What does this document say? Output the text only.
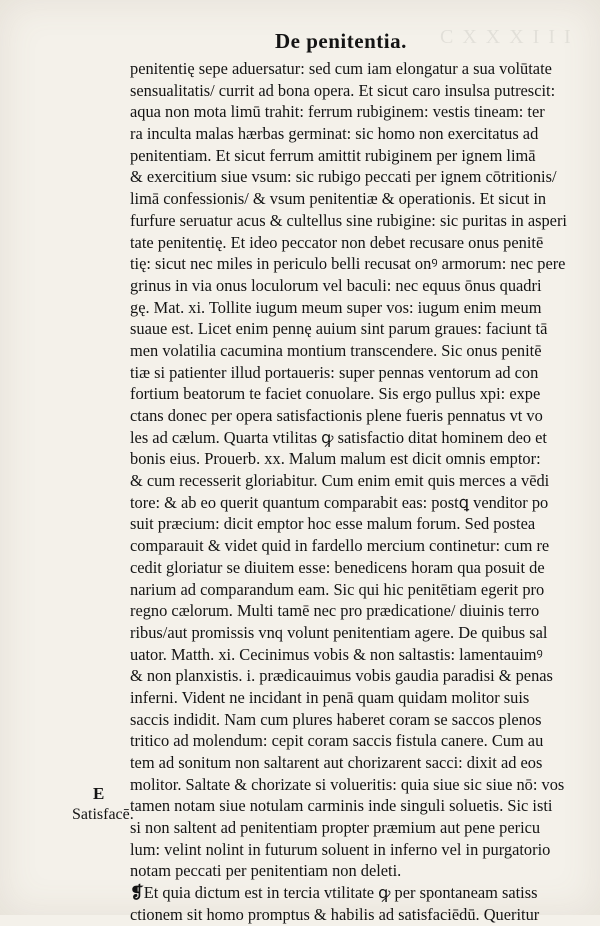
C X X X I I I
De penitentia.
penitentię sepe aduersatur: sed cum iam elongatur a sua volūtate
sensualitatis/ currit ad bona opera. Et sicut caro insulsa putrescit:
aqua non mota limū trahit: ferrum rubiginem: vestis tineam: ter
ra inculta malas hærbas germinat: sic homo non exercitatus ad
penitentiam. Et sicut ferrum amittit rubiginem per ignem limā
& exercitium siue vsum: sic rubigo peccati per ignem cōtritionis/
limā confessionis/ & vsum penitentiæ & operationis. Et sicut in
furfure seruatur acus & cultellus sine rubigine: sic puritas in asperi
tate penitentię. Et ideo peccator non debet recusare onus penitē
tię: sicut nec miles in periculo belli recusat onꝰ armorum: nec pere
grinus in via onus loculorum vel baculi: nec equus ōnus quadri
gę. Mat. xi. Tollite iugum meum super vos: iugum enim meum
suaue est. Licet enim pennę auium sint parum graues: faciunt tā
men volatilia cacumina montium transcendere. Sic onus penitē
tiæ si patienter illud portaueris: super pennas ventorum ad con
fortium beatorum te faciet conuolare. Sis ergo pullus xpi: expe
ctans donec per opera satisfactionis plene fueris pennatus vt vo
les ad cælum. Quarta vtilitas ꝙ satisfactio ditat hominem deo et
bonis eius. Prouerb. xx. Malum malum est dicit omnis emptor:
& cum recesserit gloriabitur. Cum enim emit quis merces a vēdi
tore: & ab eo querit quantum comparabit eas: postꝗ venditor po
suit præcium: dicit emptor hoc esse malum forum. Sed postea
comparauit & videt quid in fardello mercium continetur: cum re
cedit gloriatur se diuitem esse: benedicens horam qua posuit de
narium ad comparandum eam. Sic qui hic penitētiam egerit pro
regno cælorum. Multi tamē nec pro prædicatione/ diuinis terro
ribus/aut promissis vnq volunt penitentiam agere. De quibus sal
uator. Matth. xi. Cecinimus vobis & non saltastis: lamentauimꝰ
& non planxistis. i. prædicauimus vobis gaudia paradisi & penas
inferni. Vident ne incidant in penā quam quidam molitor suis
saccis indidit. Nam cum plures haberet coram se saccos plenos
tritico ad molendum: cepit coram saccis fistula canere. Cum au
tem ad sonitum non saltarent aut chorizarent sacci: dixit ad eos
molitor. Saltate & chorizate si volueritis: quia siue sic siue nō: vos
tamen notam siue notulam carminis inde singuli soluetis. Sic isti
si non saltent ad penitentiam propter præmium aut pene pericu
lum: velint nolint in futurum soluent in inferno vel in purgatorio
notam peccati per penitentiam non deleti.
❡Et quia dictum est in tercia vtilitate ꝙ per spontaneam satiss
ctionem sit homo promptus & habilis ad satisfaciēdū. Queritur
E
Satisfacē.
